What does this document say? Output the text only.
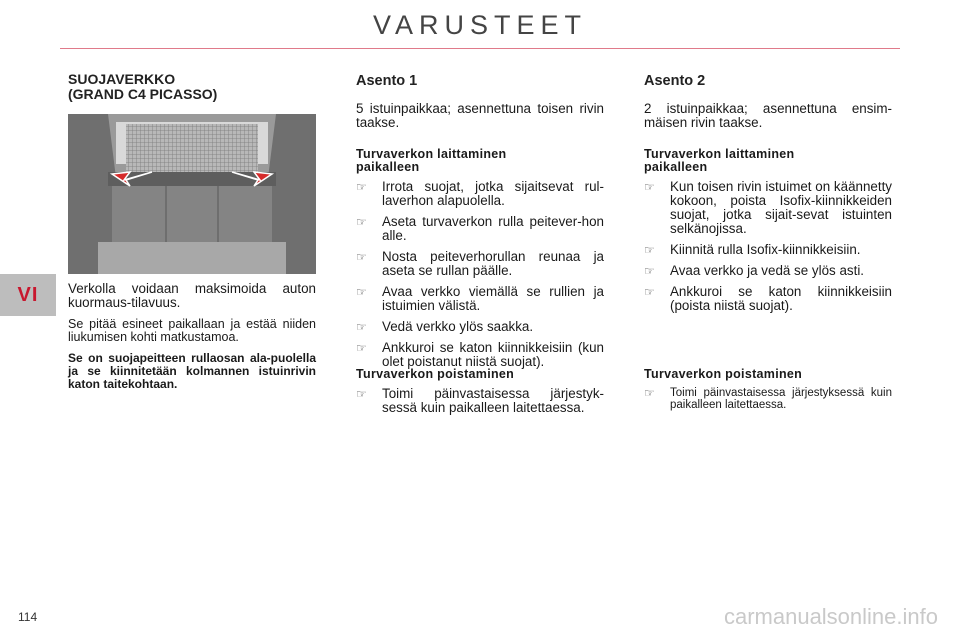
VARUSTEET
VI
SUOJAVERKKO
(GRAND C4 PICASSO)
Verkolla voidaan maksimoida auton kuormaus-tilavuus.
Se pitää esineet paikallaan ja estää niiden liukumisen kohti matkustamoa.
Se on suojapeitteen rullaosan ala-puolella ja se kiinnitetään kolmannen istuinrivin katon taitekohtaan.
Asento 1
5 istuinpaikkaa; asennettuna toisen rivin taakse.
Turvaverkon laittaminen
paikalleen
☞ Irrota suojat, jotka sijaitsevat rul-laverhon alapuolella.
☞ Aseta turvaverkon rulla peitever-hon alle.
☞ Nosta peiteverhorullan reunaa ja aseta se rullan päälle.
☞ Avaa verkko viemällä se rullien ja istuimien välistä.
☞ Vedä verkko ylös saakka.
☞ Ankkuroi se katon kiinnikkeisiin (kun olet poistanut niistä suojat).
Turvaverkon poistaminen
☞ Toimi päinvastaisessa järjestyk-sessä kuin paikalleen laitettaessa.
Asento 2
2 istuinpaikkaa; asennettuna ensim-mäisen rivin taakse.
Turvaverkon laittaminen
paikalleen
☞ Kun toisen rivin istuimet on käännetty kokoon, poista Isofix-kiinnikkeiden suojat, jotka sijait-sevat istuinten selkänojissa.
☞ Kiinnitä rulla Isofix-kiinnikkeisiin.
☞ Avaa verkko ja vedä se ylös asti.
☞ Ankkuroi se katon kiinnikkeisiin (poista niistä suojat).
Turvaverkon poistaminen
☞ Toimi päinvastaisessa järjestyksessä kuin paikalleen laitettaessa.
114	carmanualsonline.info
